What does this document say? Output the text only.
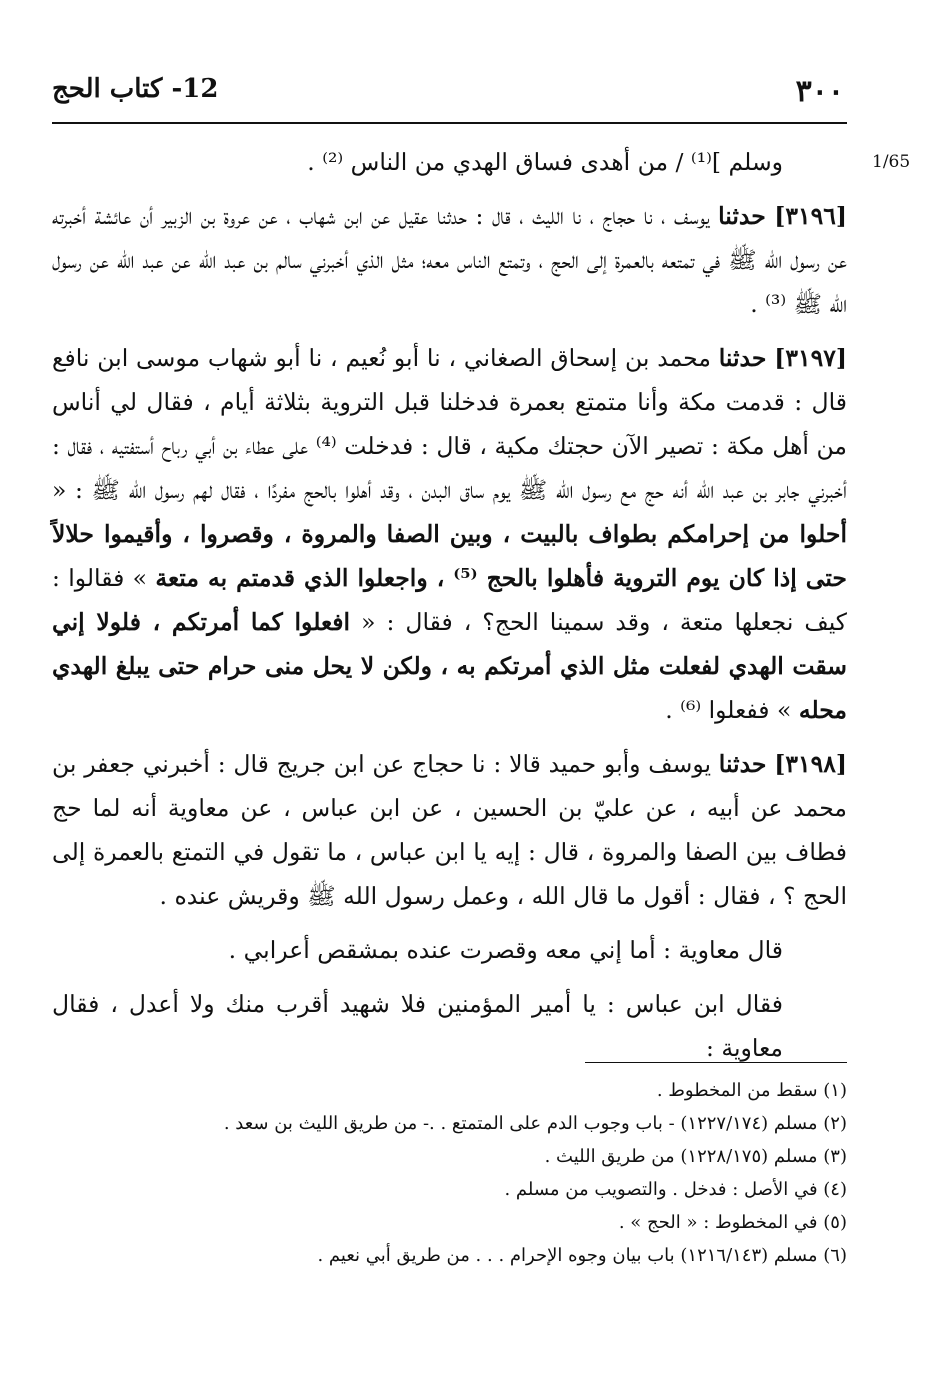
٣٠٠
12- كتاب الحج
1/65

وسلم ]⁽¹⁾ / من أهدى فساق الهدي من الناس ⁽²⁾ .

[٣١٩٦] حدثنا يوسف ، نا حجاج ، نا الليث ، قال : حدثنا عقيل عن ابن شهاب ، عن عروة بن الزبير أن عائشة أخبرته عن رسول الله ﷺ في تمتعه بالعمرة إلى الحج ، وتمتع الناس معه؛ مثل الذي أخبرني سالم بن عبد الله عن عبد الله عن رسول الله ﷺ ⁽³⁾ .

[٣١٩٧] حدثنا محمد بن إسحاق الصغاني ، نا أبو نُعيم ، نا أبو شهاب موسى ابن نافع قال : قدمت مكة وأنا متمتع بعمرة فدخلنا قبل التروية بثلاثة أيام ، فقال لي أناس من أهل مكة : تصير الآن حجتك مكية ، قال : فدخلت ⁽⁴⁾ على عطاء بن أبي رباح أستفتيه ، فقال : أخبرني جابر بن عبد الله أنه حج مع رسول الله ﷺ يوم ساق البدن ، وقد أهلوا بالحج مفردًا ، فقال لهم رسول الله ﷺ : « أحلوا من إحرامكم بطواف بالبيت ، وبين الصفا والمروة ، وقصروا ، وأقيموا حلالاً حتى إذا كان يوم التروية فأهلوا بالحج ⁽⁵⁾ ، واجعلوا الذي قدمتم به متعة » فقالوا : كيف نجعلها متعة ، وقد سمينا الحج؟ ، فقال : « افعلوا كما أمرتكم ، فلولا إني سقت الهدي لفعلت مثل الذي أمرتكم به ، ولكن لا يحل منى حرام حتى يبلغ الهدي محله » ففعلوا ⁽⁶⁾ .

[٣١٩٨] حدثنا يوسف وأبو حميد قالا : نا حجاج عن ابن جريج قال : أخبرني جعفر بن محمد عن أبيه ، عن عليّ بن الحسين ، عن ابن عباس ، عن معاوية أنه لما حج فطاف بين الصفا والمروة ، قال : إيه يا ابن عباس ، ما تقول في التمتع بالعمرة إلى الحج ؟ ، فقال : أقول ما قال الله ، وعمل رسول الله ﷺ وقريش عنده .

قال معاوية : أما إني معه وقصرت عنده بمشقص أعرابي .

فقال ابن عباس : يا أمير المؤمنين فلا شهيد أقرب منك ولا أعدل ، فقال معاوية :

(١) سقط من المخطوط .
(٢) مسلم (١٢٢٧/١٧٤) - باب وجوب الدم على المتمتع . .- من طريق الليث بن سعد .
(٣) مسلم (١٢٢٨/١٧٥) من طريق الليث .
(٤) في الأصل : فدخل . والتصويب من مسلم .
(٥) في المخطوط : « الحج » .
(٦) مسلم (١٢١٦/١٤٣) باب بيان وجوه الإحرام . . . من طريق أبي نعيم .
